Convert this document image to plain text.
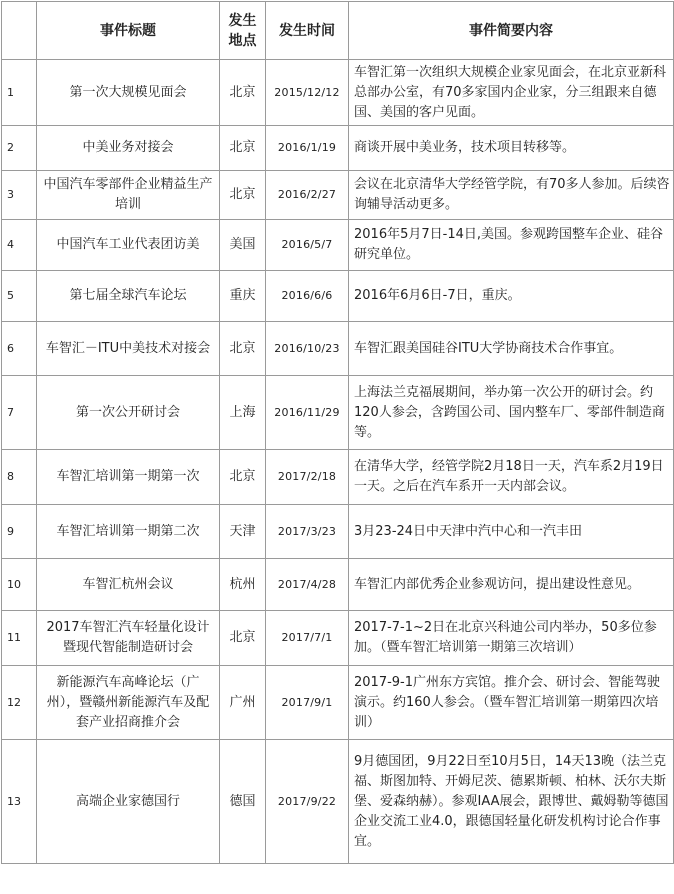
	事件标题	发生地点	发生时间	事件简要内容
1	第一次大规模见面会	北京	2015/12/12	车智汇第一次组织大规模企业家见面会，在北京亚新科总部办公室，有70多家国内企业家，分三组跟来自德国、美国的客户见面。
2	中美业务对接会	北京	2016/1/19	商谈开展中美业务，技术项目转移等。
3	中国汽车零部件企业精益生产培训	北京	2016/2/27	会议在北京清华大学经管学院，有70多人参加。后续咨询辅导活动更多。
4	中国汽车工业代表团访美	美国	2016/5/7	2016年5月7日-14日,美国。参观跨国整车企业、硅谷研究单位。
5	第七届全球汽车论坛	重庆	2016/6/6	2016年6月6日-7日，重庆。
6	车智汇－ITU中美技术对接会	北京	2016/10/23	车智汇跟美国硅谷ITU大学协商技术合作事宜。
7	第一次公开研讨会	上海	2016/11/29	上海法兰克福展期间，举办第一次公开的研讨会。约120人参会，含跨国公司、国内整车厂、零部件制造商等。
8	车智汇培训第一期第一次	北京	2017/2/18	在清华大学，经管学院2月18日一天，汽车系2月19日一天。之后在汽车系开一天内部会议。
9	车智汇培训第一期第二次	天津	2017/3/23	3月23-24日中天津中汽中心和一汽丰田
10	车智汇杭州会议	杭州	2017/4/28	车智汇内部优秀企业参观访问，提出建设性意见。
11	2017车智汇汽车轻量化设计暨现代智能制造研讨会	北京	2017/7/1	2017-7-1~2日在北京兴科迪公司内举办，50多位参加。（暨车智汇培训第一期第三次培训）
12	新能源汽车高峰论坛（广州），暨赣州新能源汽车及配套产业招商推介会	广州	2017/9/1	2017-9-1广州东方宾馆。推介会、研讨会、智能驾驶演示。约160人参会。（暨车智汇培训第一期第四次培训）
13	高端企业家德国行	德国	2017/9/22	9月德国团，9月22日至10月5日，14天13晚（法兰克福、斯图加特、开姆尼茨、德累斯顿、柏林、沃尔夫斯堡、爱森纳赫）。参观IAA展会，跟博世、戴姆勒等德国企业交流工业4.0，跟德国轻量化研发机构讨论合作事宜。
